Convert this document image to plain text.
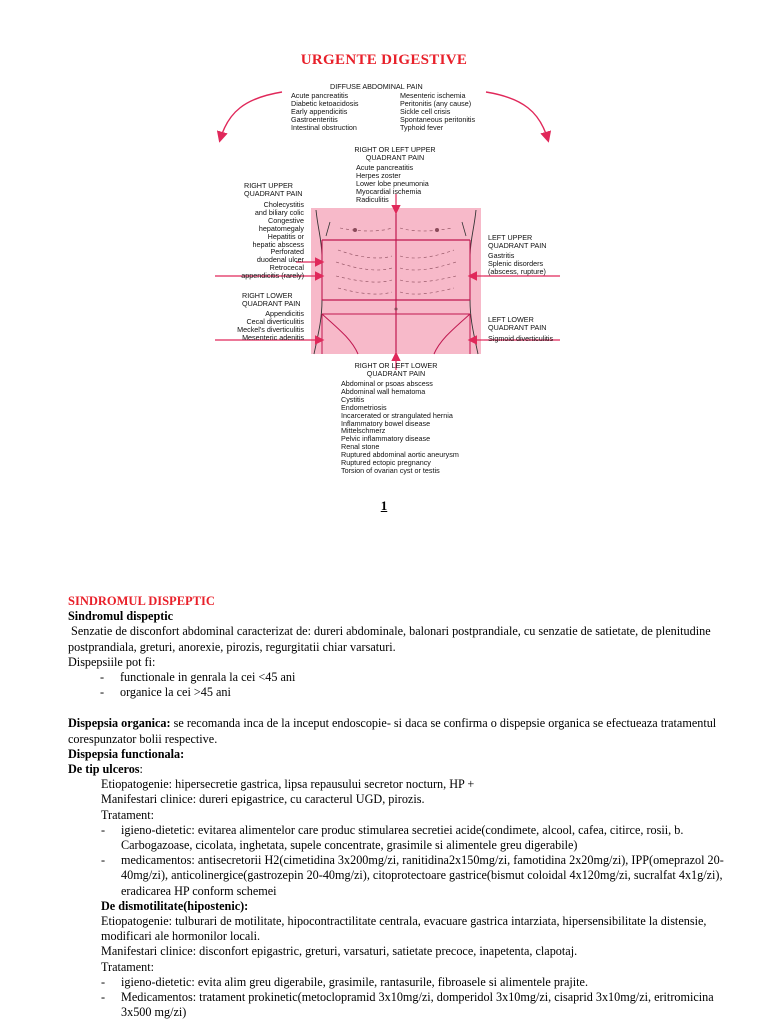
URGENTE DIGESTIVE
DIFFUSE ABDOMINAL PAIN
Acute pancreatitis
Diabetic ketoacidosis
Early appendicitis
Gastroenteritis
Intestinal obstruction
Mesenteric ischemia
Peritonitis (any cause)
Sickle cell crisis
Spontaneous peritonitis
Typhoid fever
RIGHT OR LEFT UPPER
QUADRANT PAIN
Acute pancreatitis
Herpes zoster
Lower lobe pneumonia
Myocardial ischemia
Radiculitis
RIGHT UPPER
QUADRANT PAIN
Cholecystitis
and biliary colic
Congestive
hepatomegaly
Hepatitis or
hepatic abscess
Perforated
duodenal ulcer
Retrocecal
appendicitis (rarely)
LEFT UPPER
QUADRANT PAIN
Gastritis
Splenic disorders
(abscess, rupture)
RIGHT LOWER
QUADRANT PAIN
Appendicitis
Cecal diverticulitis
Meckel's diverticulitis
Mesenteric adenitis
LEFT LOWER
QUADRANT PAIN
Sigmoid diverticulitis
RIGHT OR LEFT LOWER
QUADRANT PAIN
Abdominal or psoas abscess
Abdominal wall hematoma
Cystitis
Endometriosis
Incarcerated or strangulated hernia
Inflammatory bowel disease
Mittelschmerz
Pelvic inflammatory disease
Renal stone
Ruptured abdominal aortic aneurysm
Ruptured ectopic pregnancy
Torsion of ovarian cyst or testis
1

SINDROMUL DISPEPTIC

Sindromul dispeptic

Senzatie de disconfort abdominal caracterizat de: dureri abdominale, balonari postprandiale, cu senzatie de satietate, de plenitudine postprandiala, greturi, anorexie, pirozis, regurgitatii chiar varsaturi.

Dispepsiile pot fi:

-	functionale in genrala la cei <45 ani
-	organice la cei >45 ani

Dispepsia organica: se recomanda inca de la inceput endoscopie- si daca se confirma o dispepsie organica se efectueaza tratamentul corespunzator bolii respective.

Dispepsia functionala:

De tip ulceros:

Etiopatogenie: hipersecretie gastrica, lipsa repausului secretor nocturn, HP +

Manifestari clinice: dureri epigastrice, cu caracterul UGD, pirozis.

Tratament:

-	igieno-dietetic: evitarea alimentelor care produc stimularea secretiei acide(condimete, alcool, cafea, citirce, rosii, b. Carbogazoase, cicolata, inghetata, supele concentrate, grasimile si alimentele greu digerabile)
-	medicamentos: antisecretorii H2(cimetidina 3x200mg/zi, ranitidina2x150mg/zi, famotidina 2x20mg/zi), IPP(omeprazol 20-40mg/zi), anticolinergice(gastrozepin 20-40mg/zi), citoprotectoare gastrice(bismut coloidal 4x120mg/zi, sucralfat 4x1g/zi), eradicarea HP conform schemei

De dismotilitate(hipostenic):

Etiopatogenie: tulburari de motilitate, hipocontractilitate centrala, evacuare gastrica intarziata, hipersensibilitate la distensie, modificari ale hormonilor locali.

Manifestari clinice: disconfort epigastric, greturi, varsaturi, satietate precoce, inapetenta, clapotaj.

Tratament:

-	igieno-dietetic: evita alim greu digerabile, grasimile, rantasurile, fibroasele si alimentele prajite.
-	Medicamentos: tratament prokinetic(metoclopramid 3x10mg/zi, domperidol 3x10mg/zi, cisaprid 3x10mg/zi, eritromicina 3x500 mg/zi)
